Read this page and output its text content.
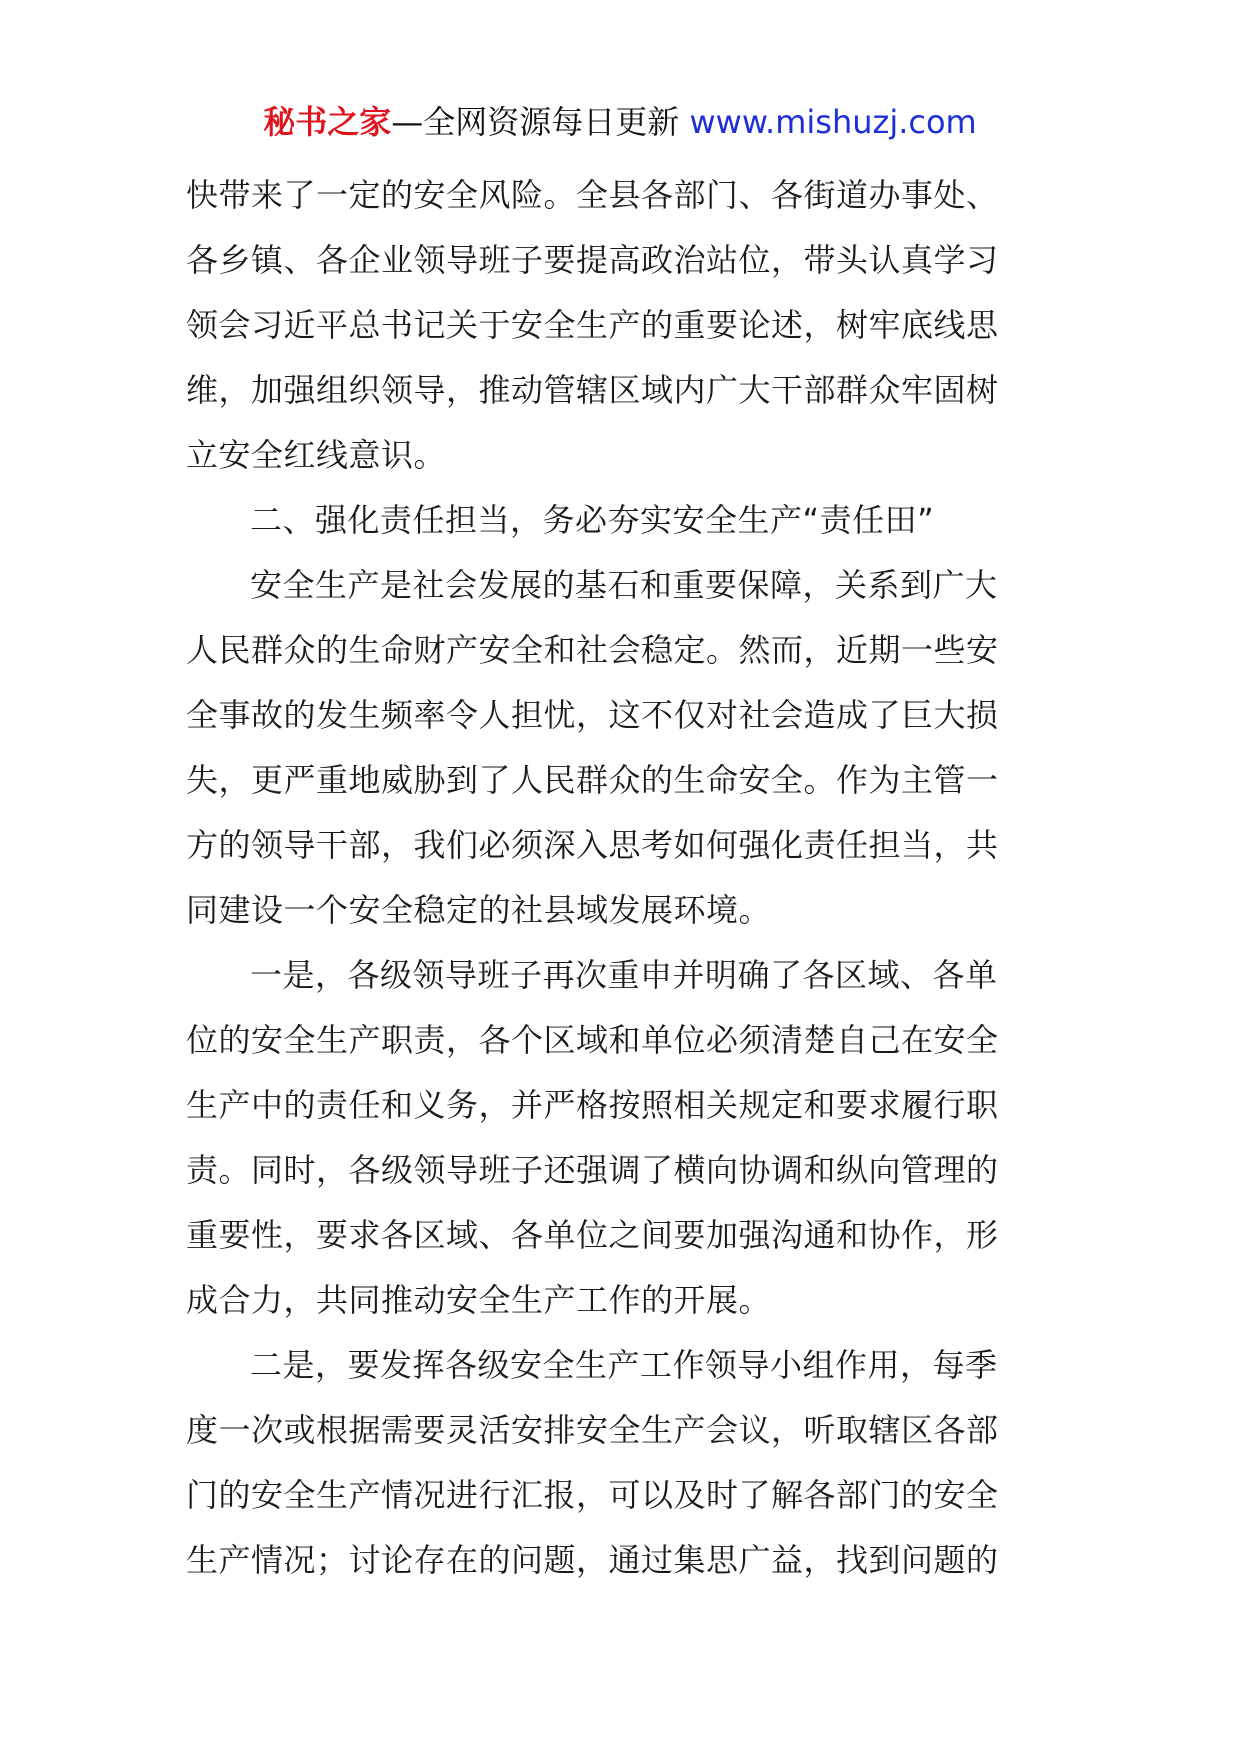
秘书之家—全网资源每日更新 www.mishuzj.com
快带来了一定的安全风险。全县各部门、各街道办事处、
各乡镇、各企业领导班子要提高政治站位，带头认真学习
领会习近平总书记关于安全生产的重要论述，树牢底线思
维，加强组织领导，推动管辖区域内广大干部群众牢固树
立安全红线意识。
二、强化责任担当，务必夯实安全生产“责任田”
安全生产是社会发展的基石和重要保障，关系到广大
人民群众的生命财产安全和社会稳定。然而，近期一些安
全事故的发生频率令人担忧，这不仅对社会造成了巨大损
失，更严重地威胁到了人民群众的生命安全。作为主管一
方的领导干部，我们必须深入思考如何强化责任担当，共
同建设一个安全稳定的社县域发展环境。
一是，各级领导班子再次重申并明确了各区域、各单
位的安全生产职责，各个区域和单位必须清楚自己在安全
生产中的责任和义务，并严格按照相关规定和要求履行职
责。同时，各级领导班子还强调了横向协调和纵向管理的
重要性，要求各区域、各单位之间要加强沟通和协作，形
成合力，共同推动安全生产工作的开展。
二是，要发挥各级安全生产工作领导小组作用，每季
度一次或根据需要灵活安排安全生产会议，听取辖区各部
门的安全生产情况进行汇报，可以及时了解各部门的安全
生产情况；讨论存在的问题，通过集思广益，找到问题的
